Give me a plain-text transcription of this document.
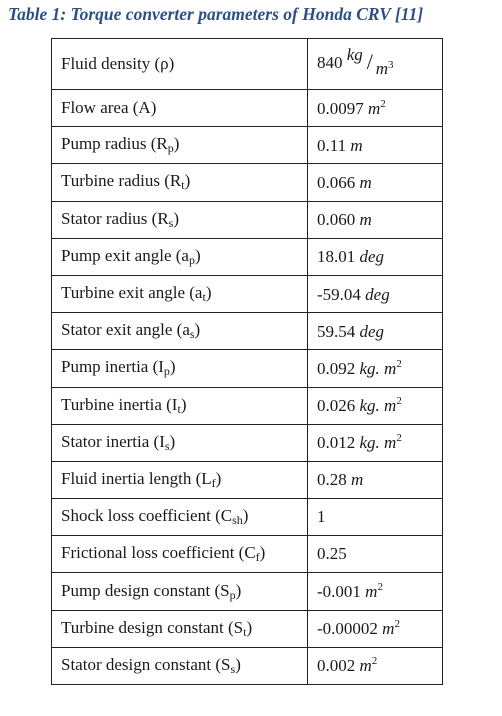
Table 1: Torque converter parameters of Honda CRV [11]
Fluid density (ρ)	840 kg / $m^3$

Flow area (A)	0.0097 $m^2$
Pump radius $(R_p)$	0.11 m
Turbine radius $(R_t)$	0.066 m
Stator radius $(R_s)$	0.060 m
Pump exit angle $(a_p)$	18.01 deg
Turbine exit angle $(a_t)$	-59.04 deg
Stator exit angle $(a_s)$	59.54 deg
Pump inertia $(I_p)$	0.092 kg. $m^2$
Turbine inertia $(I_t)$	0.026 kg. $m^2$
Stator inertia $(I_s)$	0.012 kg. $m^2$
Fluid inertia length $(L_f)$	0.28 m
Shock loss coefficient $(C_{sh})$	1
Frictional loss coefficient $(C_f)$	0.25
Pump design constant $(S_p)$	-0.001 $m^2$
Turbine design constant $(S_t)$	-0.00002 $m^2$
Stator design constant $(S_s)$	0.002 $m^2$
